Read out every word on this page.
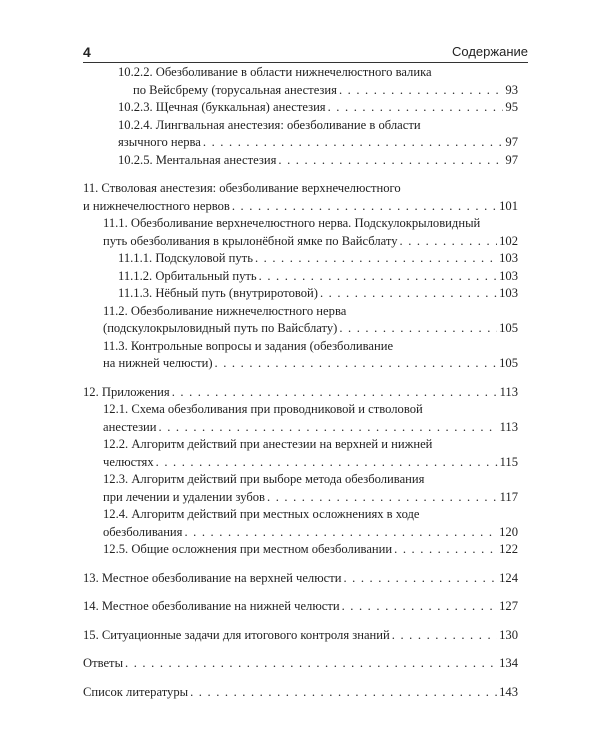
4	Содержание
10.2.2. Обезболивание в области нижнечелюстного валика
по Вейсбрему (торусальная анестезия . . .	93
10.2.3. Щечная (буккальная) анестезия . . .	95
10.2.4. Лингвальная анестезия: обезболивание в области
язычного нерва . . .	97
10.2.5. Ментальная анестезия . . .	97
11. Стволовая анестезия: обезболивание верхнечелюстного
и нижнечелюстного нервов . . .	101
11.1. Обезболивание верхнечелюстного нерва. Подскулокрыловидный
путь обезболивания в крылонёбной ямке по Вайсблату . . .	102
11.1.1. Подскуловой путь . . .	103
11.1.2. Орбитальный путь . . .	103
11.1.3. Нёбный путь (внутриротовой) . . .	103
11.2. Обезболивание нижнечелюстного нерва
(подскулокрыловидный путь по Вайсблату) . . .	105
11.3. Контрольные вопросы и задания (обезболивание
на нижней челюсти) . . .	105
12. Приложения . . .	113
12.1. Схема обезболивания при проводниковой и стволовой
анестезии . . .	113
12.2. Алгоритм действий при анестезии на верхней и нижней
челюстях . . .	115
12.3. Алгоритм действий при выборе метода обезболивания
при лечении и удалении зубов . . .	117
12.4. Алгоритм действий при местных осложнениях в ходе
обезболивания . . .	120
12.5. Общие осложнения при местном обезболивании . . .	122
13. Местное обезболивание на верхней челюсти . . .	124
14. Местное обезболивание на нижней челюсти . . .	127
15. Ситуационные задачи для итогового контроля знаний . . .	130
Ответы . . .	134
Список литературы . . .	143
